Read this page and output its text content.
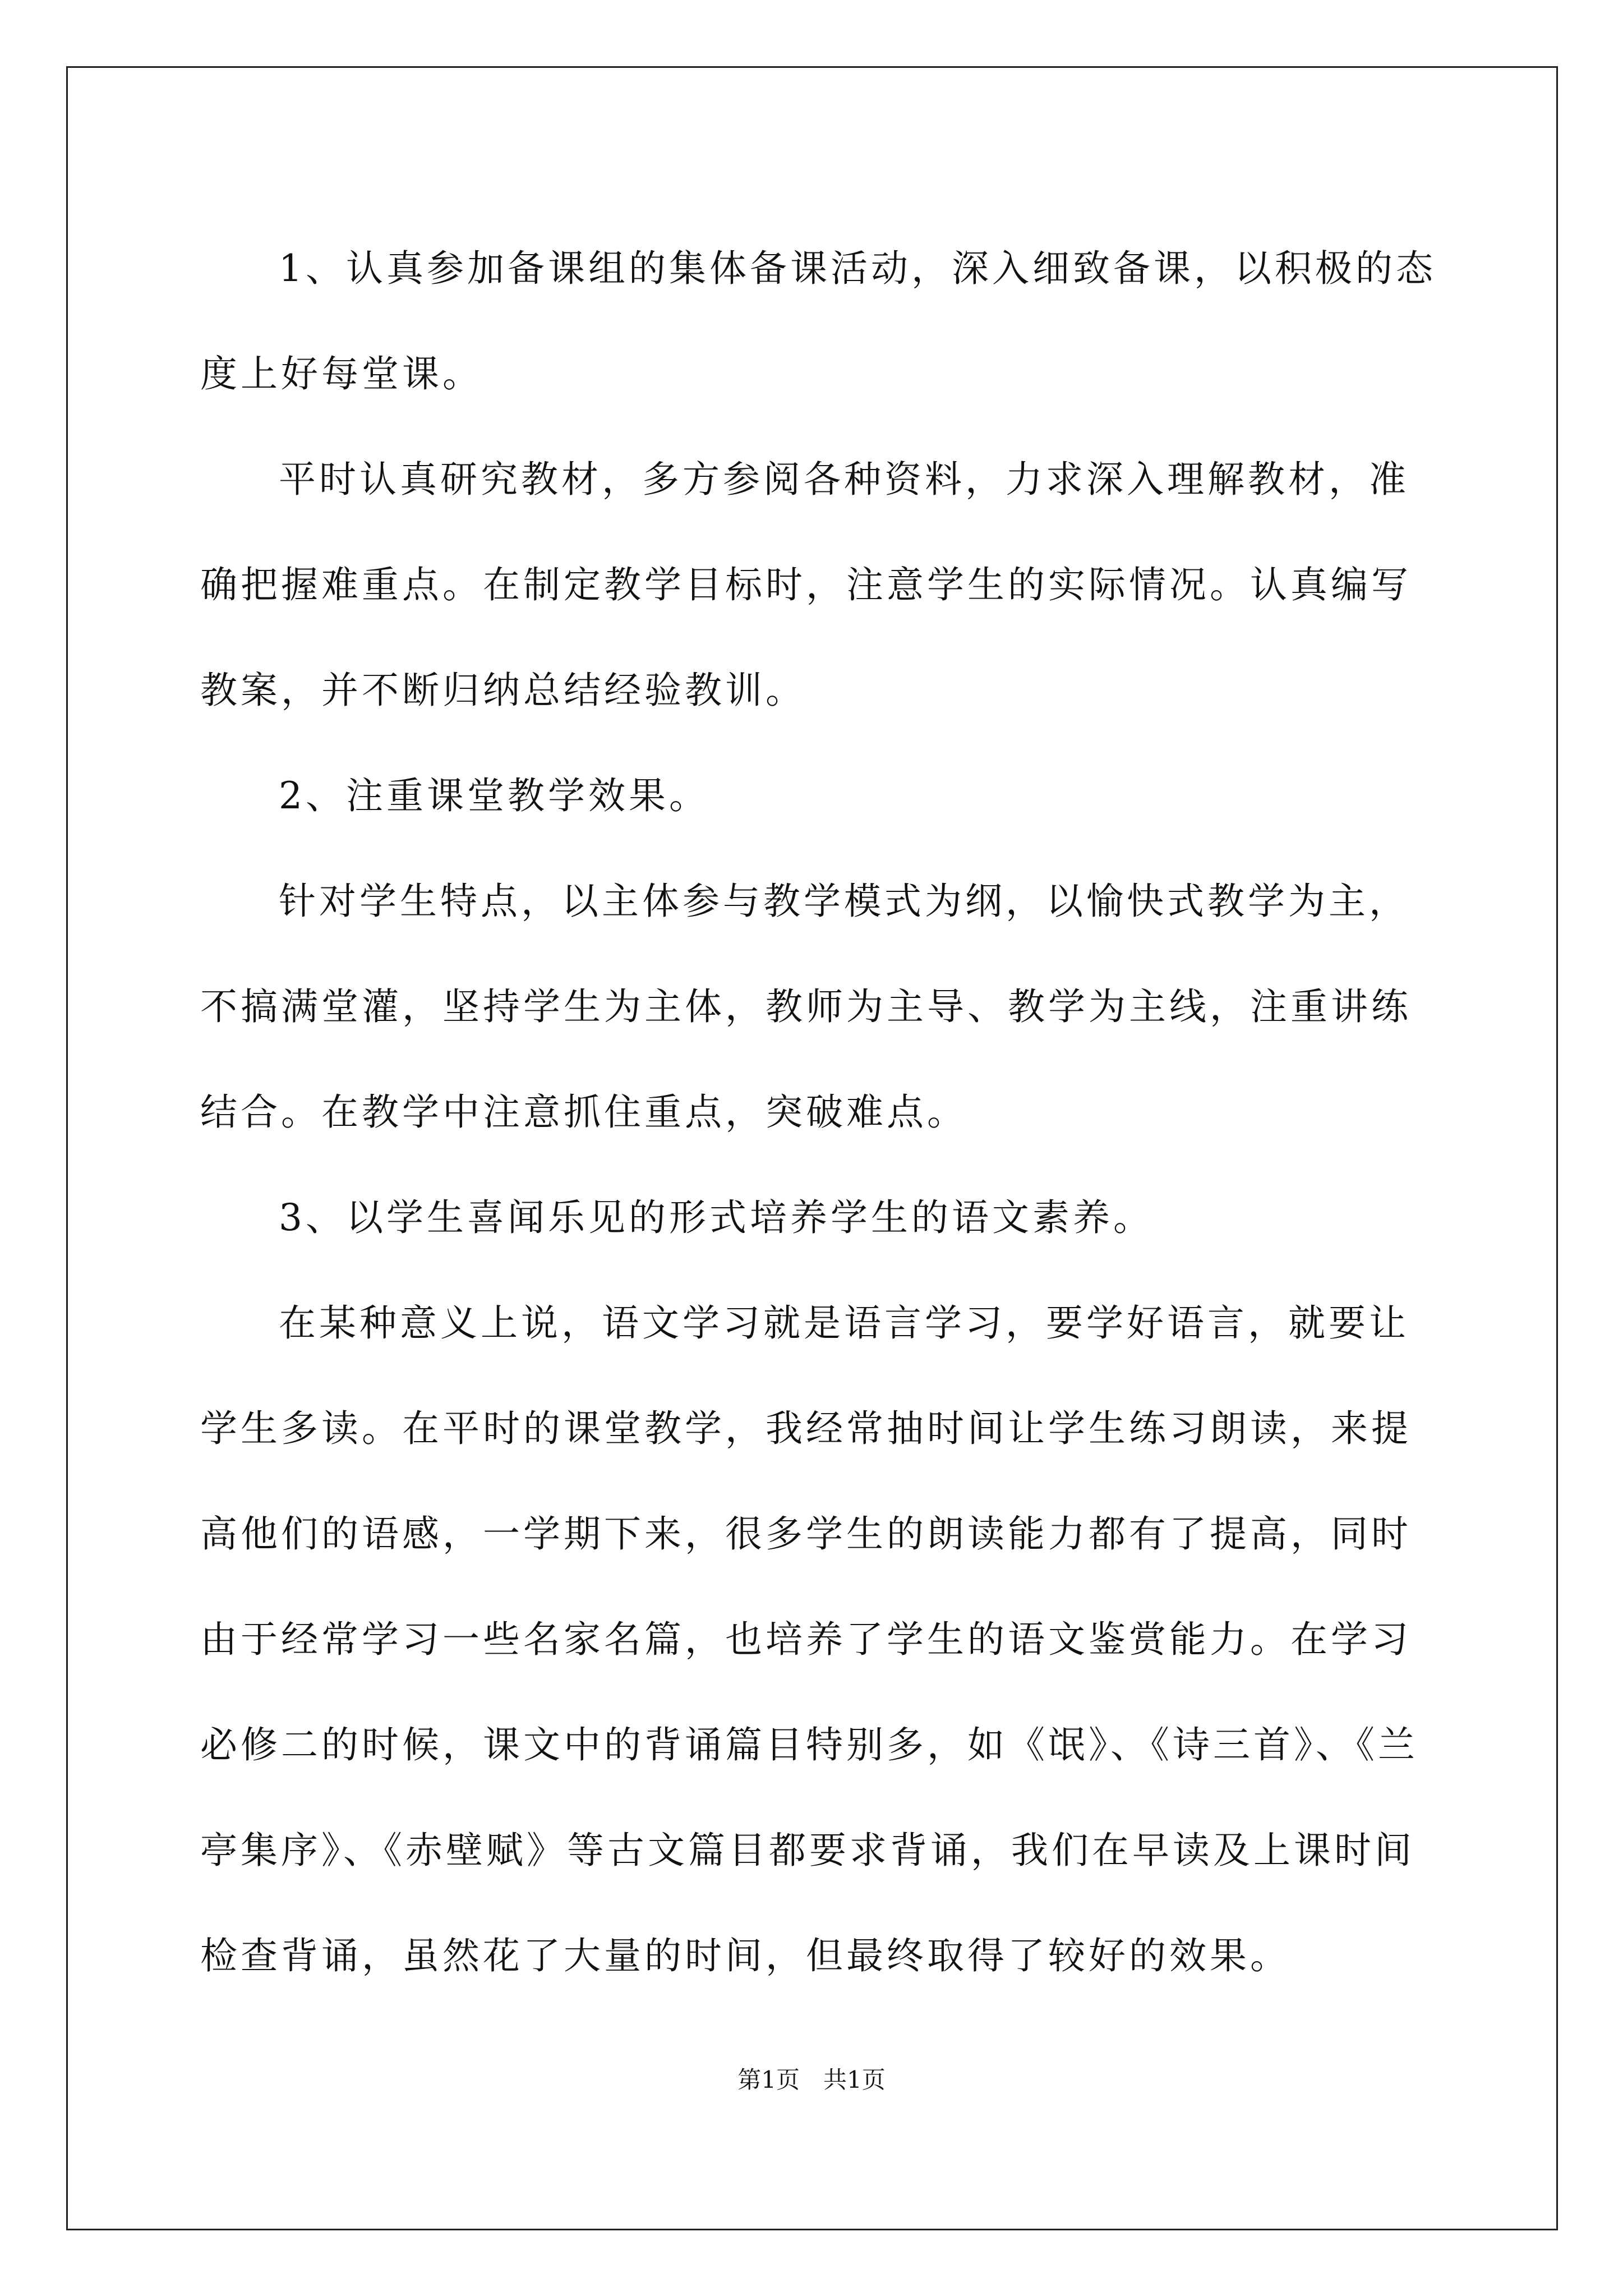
1、认真参加备课组的集体备课活动，深入细致备课，以积极的态
度上好每堂课。
平时认真研究教材，多方参阅各种资料，力求深入理解教材，准
确把握难重点。在制定教学目标时，注意学生的实际情况。认真编写
教案，并不断归纳总结经验教训。
2、注重课堂教学效果。
针对学生特点，以主体参与教学模式为纲，以愉快式教学为主，
不搞满堂灌，坚持学生为主体，教师为主导、教学为主线，注重讲练
结合。在教学中注意抓住重点，突破难点。
3、以学生喜闻乐见的形式培养学生的语文素养。
在某种意义上说，语文学习就是语言学习，要学好语言，就要让
学生多读。在平时的课堂教学，我经常抽时间让学生练习朗读，来提
高他们的语感，一学期下来，很多学生的朗读能力都有了提高，同时
由于经常学习一些名家名篇，也培养了学生的语文鉴赏能力。在学习
必修二的时候，课文中的背诵篇目特别多，如《氓》、《诗三首》、《兰
亭集序》、《赤壁赋》等古文篇目都要求背诵，我们在早读及上课时间
检查背诵，虽然花了大量的时间，但最终取得了较好的效果。
第1页　共1页
